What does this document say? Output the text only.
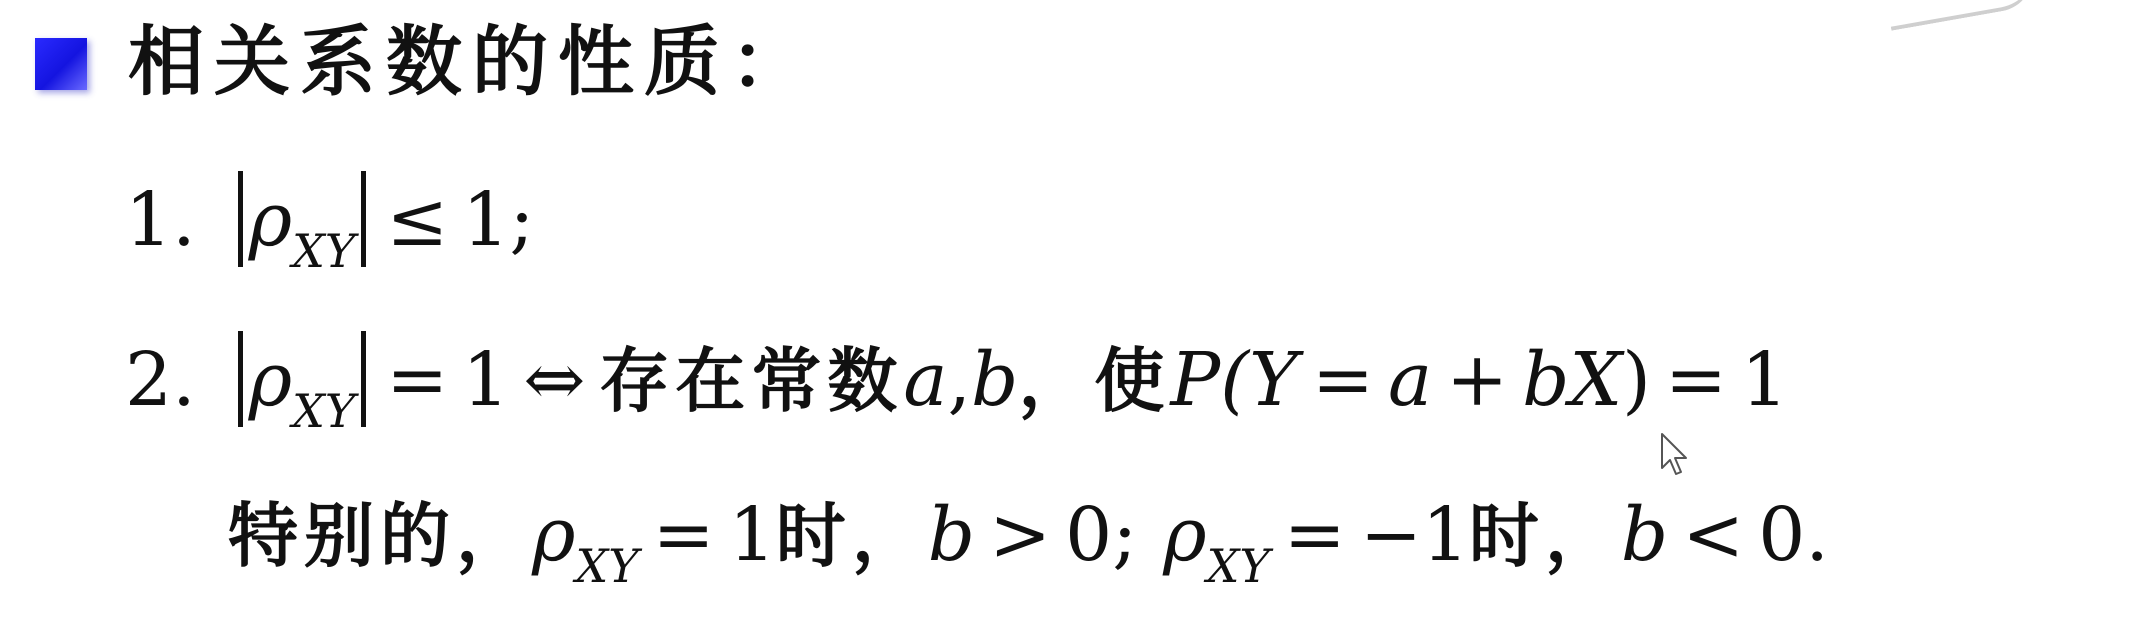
相关系数的性质：
1. $\rho_{XY} \le 1$;
2. $\rho_{XY} = 1$ ⇔ 存在常数a,b，使P(Y = a + bX) = 1
特别的，$\rho_{XY} = 1$时，b > 0; $\rho_{XY} = -1$时，b < 0.
